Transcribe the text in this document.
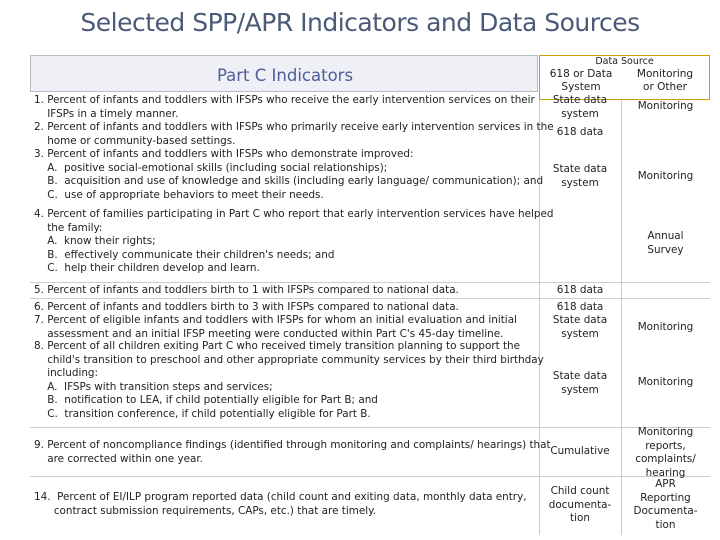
Selected SPP/APR Indicators and Data Sources
Part C Indicators
Data Source
618 or Data
System
Monitoring
or Other
1. Percent of infants and toddlers with IFSPs who receive the early intervention services on their
IFSPs in a timely manner.
State data
system
Monitoring
2. Percent of infants and toddlers with IFSPs who primarily receive early intervention services in the
home or community-based settings.
618 data
3. Percent of infants and toddlers with IFSPs who demonstrate improved:
A.  positive social-emotional skills (including social relationships);
B.  acquisition and use of knowledge and skills (including early language/ communication); and
C.  use of appropriate behaviors to meet their needs.
State data
system
Monitoring
4. Percent of families participating in Part C who report that early intervention services have helped
the family:
A.  know their rights;
B.  effectively communicate their children's needs; and
C.  help their children develop and learn.
Annual
Survey
5. Percent of infants and toddlers birth to 1 with IFSPs compared to national data.	618 data
6. Percent of infants and toddlers birth to 3 with IFSPs compared to national data.	618 data
7. Percent of eligible infants and toddlers with IFSPs for whom an initial evaluation and initial
assessment and an initial IFSP meeting were conducted within Part C's 45-day timeline.
State data
system
Monitoring
8. Percent of all children exiting Part C who received timely transition planning to support the
child's transition to preschool and other appropriate community services by their third birthday
including:
A.  IFSPs with transition steps and services;
B.  notification to LEA, if child potentially eligible for Part B; and
C.  transition conference, if child potentially eligible for Part B.
State data
system
Monitoring
9. Percent of noncompliance findings (identified through monitoring and complaints/ hearings) that
are corrected within one year.
Cumulative
Monitoring
reports,
complaints/
hearing
14.  Percent of EI/ILP program reported data (child count and exiting data, monthly data entry,
contract submission requirements, CAPs, etc.) that are timely.
Child count
documenta-
tion
APR
Reporting
Documenta-
tion
